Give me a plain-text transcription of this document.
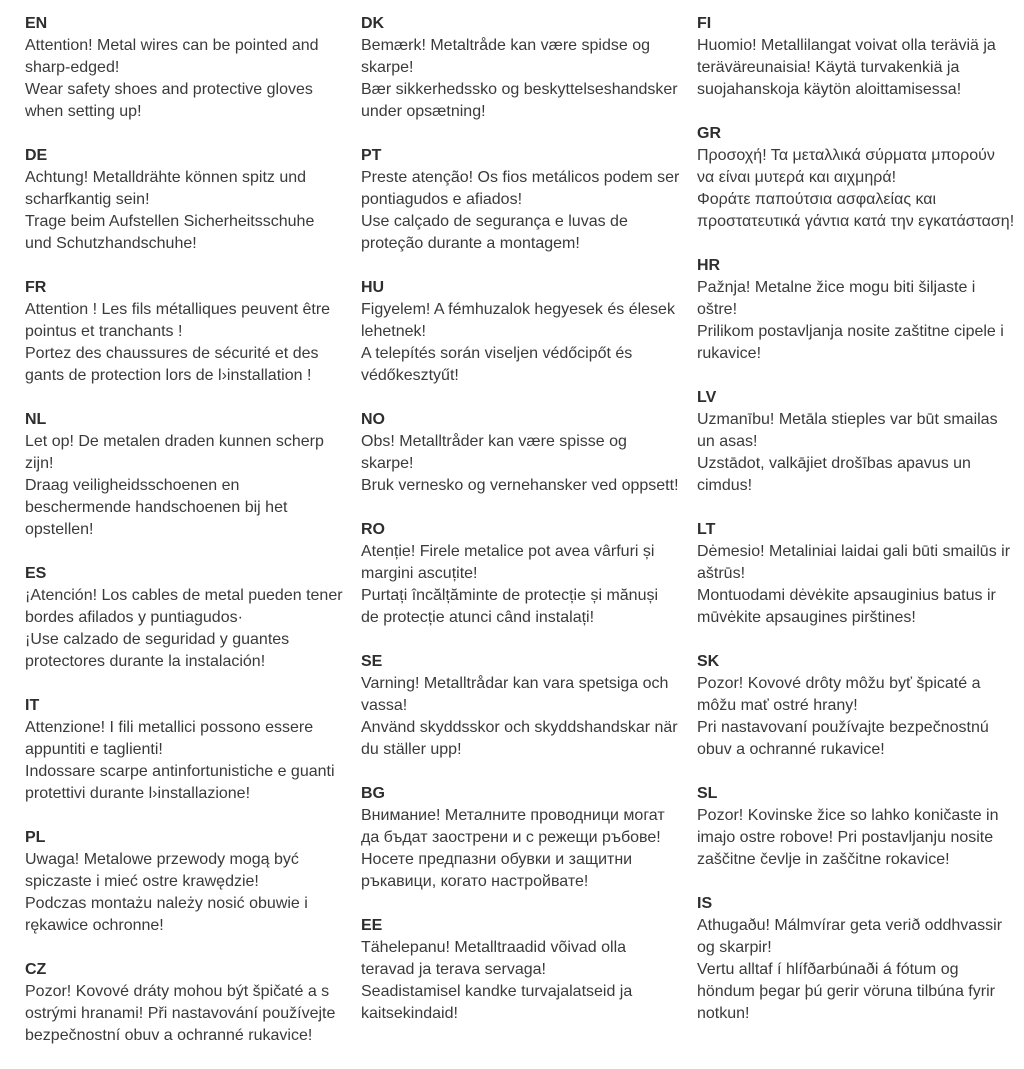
EN
Attention! Metal wires can be pointed and sharp-edged!
Wear safety shoes and protective gloves when setting up!
DE
Achtung! Metalldrähte können spitz und scharfkantig sein!
Trage beim Aufstellen Sicherheitsschuhe und Schutzhandschuhe!
FR
Attention ! Les fils métalliques peuvent être pointus et tranchants !
Portez des chaussures de sécurité et des gants de protection lors de l›installation !
NL
Let op! De metalen draden kunnen scherp zijn!
Draag veiligheidsschoenen en beschermende handschoenen bij het opstellen!
ES
¡Atención! Los cables de metal pueden tener bordes afilados y puntiagudos·
¡Use calzado de seguridad y guantes protectores durante la instalación!
IT
Attenzione! I fili metallici possono essere appuntiti e taglienti!
Indossare scarpe antinfortunistiche e guanti protettivi durante l›installazione!
PL
Uwaga! Metalowe przewody mogą być spiczaste i mieć ostre krawędzie!
Podczas montażu należy nosić obuwie i rękawice ochronne!
CZ
Pozor! Kovové dráty mohou být špičaté a s ostrými hranami! Při nastavování používejte bezpečnostní obuv a ochranné rukavice!
DK
Bemærk! Metaltråde kan være spidse og skarpe!
Bær sikkerhedssko og beskyttelseshandsker under opsætning!
PT
Preste atenção! Os fios metálicos podem ser pontiagudos e afiados!
Use calçado de segurança e luvas de proteção durante a montagem!
HU
Figyelem! A fémhuzalok hegyesek és élesek lehetnek!
A telepítés során viseljen védőcipőt és védőkesztyűt!
NO
Obs! Metalltråder kan være spisse og skarpe!
Bruk vernesko og vernehansker ved oppsett!
RO
Atenție! Firele metalice pot avea vârfuri și margini ascuțite!
Purtați încălțăminte de protecție și mănuși de protecție atunci când instalați!
SE
Varning! Metalltrådar kan vara spetsiga och vassa!
Använd skyddsskor och skyddshandskar när du ställer upp!
BG
Внимание! Металните проводници могат да бъдат заострени и с режещи ръбове!
Носете предпазни обувки и защитни ръкавици, когато настройвате!
EE
Tähelepanu! Metalltraadid võivad olla teravad ja terava servaga!
Seadistamisel kandke turvajalatseid ja kaitsekindaid!
FI
Huomio! Metallilangat voivat olla teräviä ja teräväreunaisia! Käytä turvakenkiä ja suojahanskoja käytön aloittamisessa!
GR
Προσοχή! Τα μεταλλικά σύρματα μπορούν να είναι μυτερά και αιχμηρά!
Φοράτε παπούτσια ασφαλείας και προστατευτικά γάντια κατά την εγκατάσταση!
HR
Pažnja! Metalne žice mogu biti šiljaste i oštre!
Prilikom postavljanja nosite zaštitne cipele i rukavice!
LV
Uzmanību! Metāla stieples var būt smailas un asas!
Uzstādot, valkājiet drošības apavus un cimdus!
LT
Dėmesio! Metaliniai laidai gali būti smailūs ir aštrūs!
Montuodami dėvėkite apsauginius batus ir mūvėkite apsaugines pirštines!
SK
Pozor! Kovové drôty môžu byť špicaté a môžu mať ostré hrany!
Pri nastavovaní používajte bezpečnostnú obuv a ochranné rukavice!
SL
Pozor! Kovinske žice so lahko koničaste in imajo ostre robove! Pri postavljanju nosite zaščitne čevlje in zaščitne rokavice!
IS
Athugaðu! Málmvírar geta verið oddhvassir og skarpir!
Vertu alltaf í hlífðarbúnaði á fótum og höndum þegar þú gerir vöruna tilbúna fyrir notkun!
